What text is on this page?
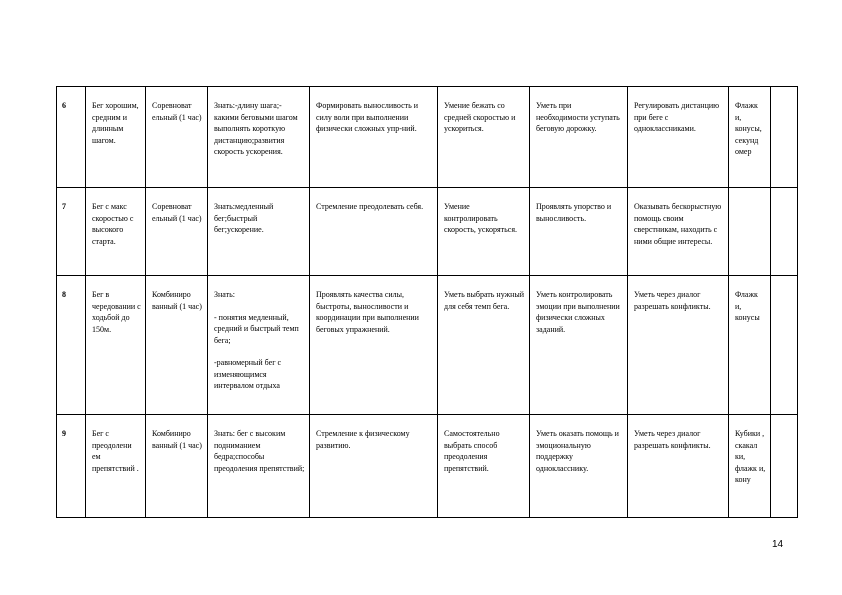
6	Бег хорошим, средним и длинным шагом.	Соревноват ельный (1 час)	Знать:-длину шага;-какими беговыми шагом выполнять короткую дистанцию;развития скорость ускорения.	Формировать выносливость и силу воли при выполнении физически сложных упр-ний.	Умение бежать со средней скоростью и ускориться.	Уметь при необходимости уступать беговую дорожку.	Регулировать дистанцию при беге с одноклассниками.	Флажк и, конусы, секунд омер	
7	Бег с макс скоростью с высокого старта.	Соревноват ельный (1 час)	Знать:медленный бег;быстрый бег;ускорение.	Стремление преодолевать себя.	Умение контролировать скорость, ускоряться.	Проявлять упорство и выносливость.	Оказывать бескорыстную помощь своим сверстникам, находить с ними общие интересы.		
8	Бег в чередовании с ходьбой до 150м.	Комбиниро ванный (1 час)	Знать:

- понятия медленный, средний и быстрый темп бега;

-равномерный бег с изменяющимся интервалом отдыха	Проявлять качества силы, быстроты, выносливости и координации при выполнении беговых упражнений.	Уметь выбрать нужный для себя темп бега.	Уметь контролировать эмоции при выполнении физически сложных заданий.	Уметь через диалог разрешать конфликты.	Флажк и, конусы	
9	Бег с преодолени ем препятствий .	Комбиниро ванный (1 час)	Знать: бег с высоким подниманием бедра;способы преодоления препятствий;	Стремление к физическому развитию.	Самостоятельно выбрать способ преодоления препятствий.	Уметь оказать помощь и эмоциональную поддержку однокласснику.	Уметь через диалог разрешать конфликты.	Кубики , скакал ки, флажк и, кону	
14
